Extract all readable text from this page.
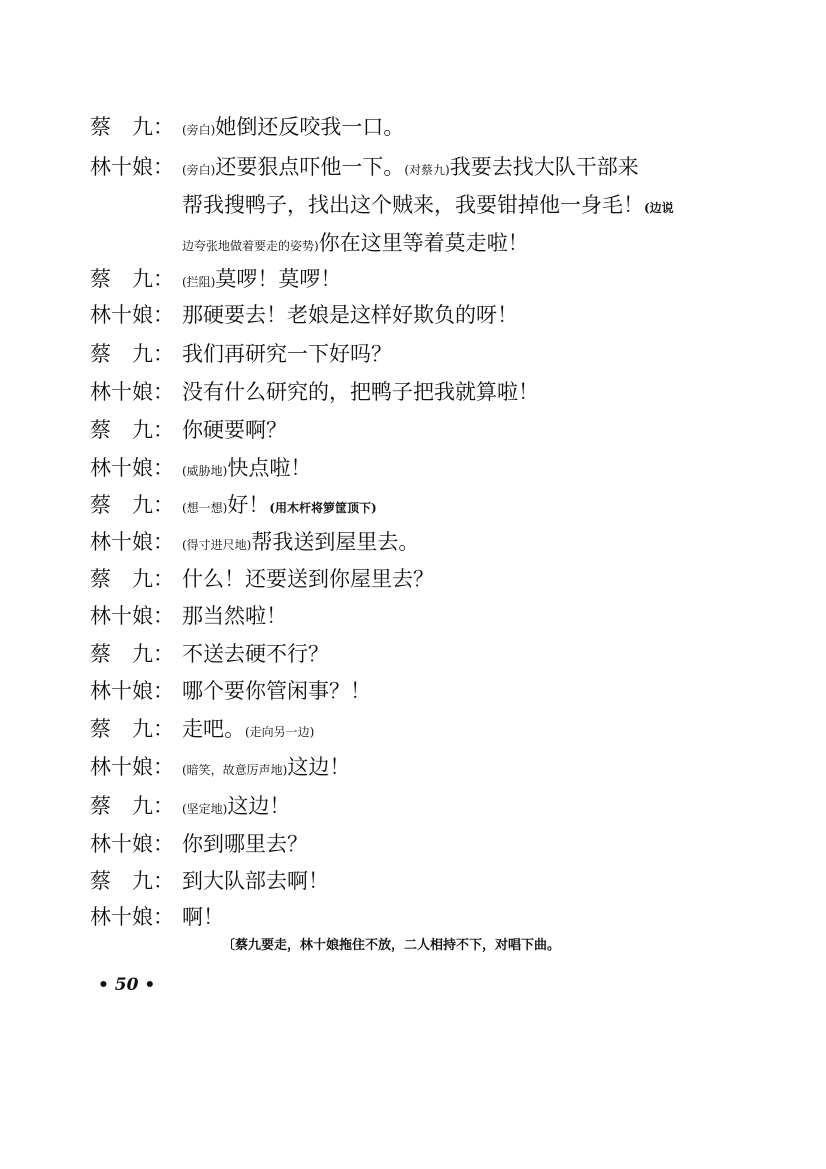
蔡　九： (旁白)她倒还反咬我一口。
林十娘： (旁白)还要狠点吓他一下。(对蔡九)我要去找大队干部来
帮我搜鸭子，找出这个贼来，我要钳掉他一身毛！(边说
边夸张地做着要走的姿势)你在这里等着莫走啦！
蔡　九： (拦阻)莫啰！莫啰！
林十娘： 那硬要去！老娘是这样好欺负的呀！
蔡　九： 我们再研究一下好吗？
林十娘： 没有什么研究的，把鸭子把我就算啦！
蔡　九： 你硬要啊？
林十娘： (威胁地)快点啦！
蔡　九： (想一想)好！(用木杆将箩筐顶下)
林十娘： (得寸进尺地)帮我送到屋里去。
蔡　九： 什么！还要送到你屋里去？
林十娘： 那当然啦！
蔡　九： 不送去硬不行？
林十娘： 哪个要你管闲事？！
蔡　九： 走吧。(走向另一边)
林十娘： (暗笑，故意厉声地)这边！
蔡　九： (坚定地)这边！
林十娘： 你到哪里去？
蔡　九： 到大队部去啊！
林十娘： 啊！
〔蔡九要走，林十娘拖住不放，二人相持不下，对唱下曲。
• 50 •
